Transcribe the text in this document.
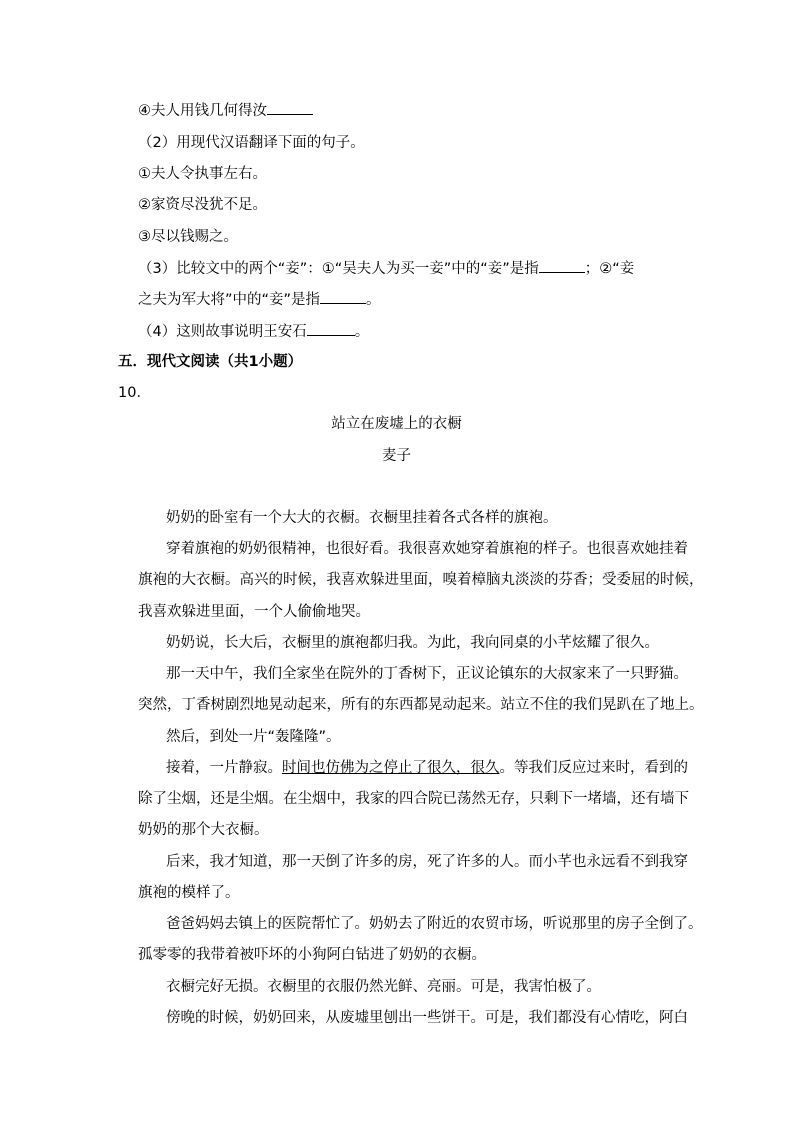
④夫人用钱几何得汝
（2）用现代汉语翻译下面的句子。
①夫人令执事左右。
②家资尽没犹不足。
③尽以钱赐之。
（3）比较文中的两个“妾”：①“吴夫人为买一妾”中的“妾”是指	；②“妾
之夫为军大将”中的“妾”是指	。
（4）这则故事说明王安石	。
五．现代文阅读（共1小题）
10．
站立在废墟上的衣橱
麦子
奶奶的卧室有一个大大的衣橱。衣橱里挂着各式各样的旗袍。
穿着旗袍的奶奶很精神，也很好看。我很喜欢她穿着旗袍的样子。也很喜欢她挂着
旗袍的大衣橱。高兴的时候，我喜欢躲进里面，嗅着樟脑丸淡淡的芬香；受委屈的时候，
我喜欢躲进里面，一个人偷偷地哭。
奶奶说，长大后，衣橱里的旗袍都归我。为此，我向同桌的小芊炫耀了很久。
那一天中午，我们全家坐在院外的丁香树下，正议论镇东的大叔家来了一只野猫。
突然，丁香树剧烈地晃动起来，所有的东西都晃动起来。站立不住的我们晃趴在了地上。
然后，到处一片“轰隆隆”。
接着，一片静寂。时间也仿佛为之停止了很久，很久。等我们反应过来时，看到的
除了尘烟，还是尘烟。在尘烟中，我家的四合院已荡然无存，只剩下一堵墙，还有墙下
奶奶的那个大衣橱。
后来，我才知道，那一天倒了许多的房，死了许多的人。而小芊也永远看不到我穿
旗袍的模样了。
爸爸妈妈去镇上的医院帮忙了。奶奶去了附近的农贸市场，听说那里的房子全倒了。
孤零零的我带着被吓坏的小狗阿白钻进了奶奶的衣橱。
衣橱完好无损。衣橱里的衣服仍然光鲜、亮丽。可是，我害怕极了。
傍晚的时候，奶奶回来，从废墟里刨出一些饼干。可是，我们都没有心情吃，阿白
